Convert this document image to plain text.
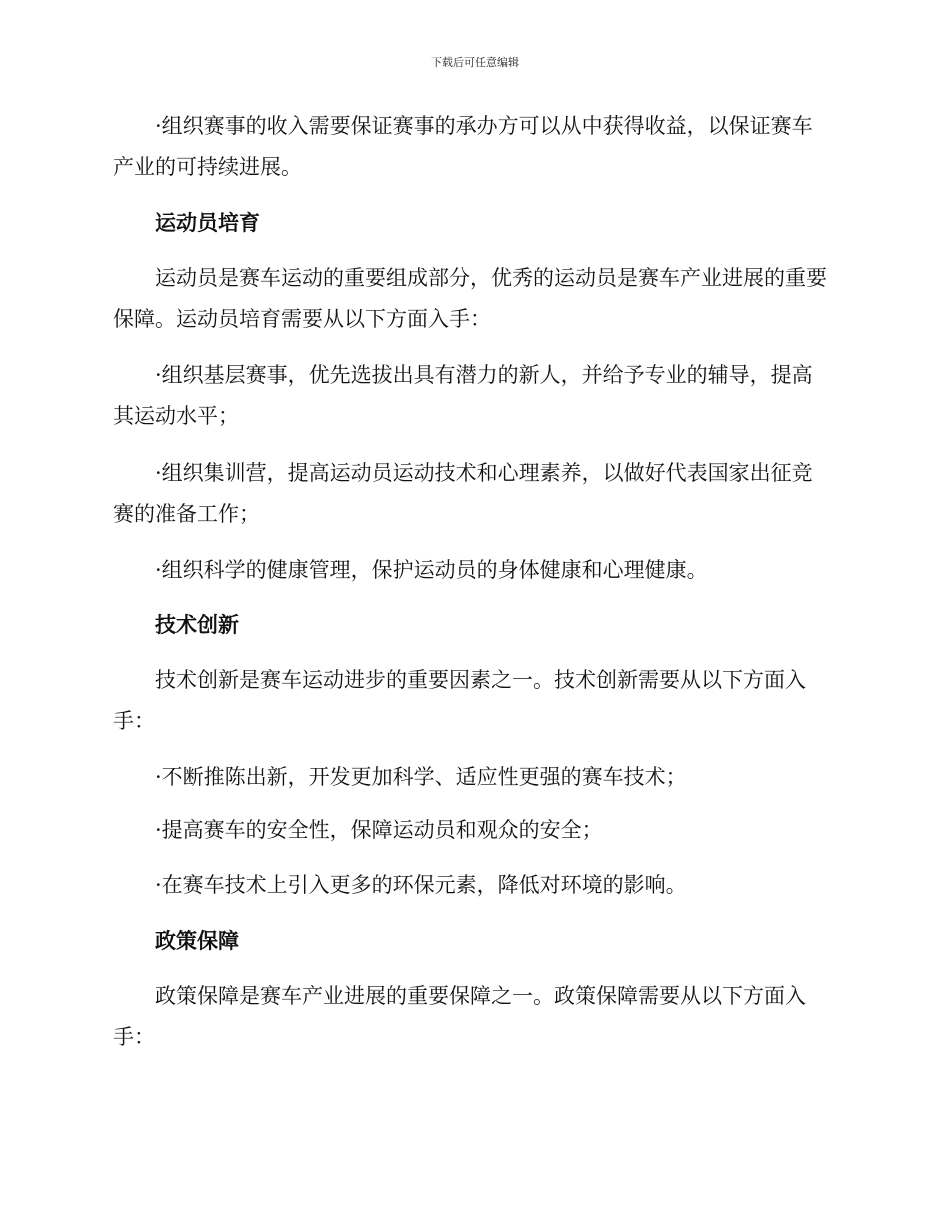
下载后可任意编辑

·组织赛事的收入需要保证赛事的承办方可以从中获得收益，以保证赛车产业的可持续进展。

运动员培育

运动员是赛车运动的重要组成部分，优秀的运动员是赛车产业进展的重要保障。运动员培育需要从以下方面入手：

·组织基层赛事，优先选拔出具有潜力的新人，并给予专业的辅导，提高其运动水平；

·组织集训营，提高运动员运动技术和心理素养，以做好代表国家出征竞赛的准备工作；

·组织科学的健康管理，保护运动员的身体健康和心理健康。

技术创新

技术创新是赛车运动进步的重要因素之一。技术创新需要从以下方面入手：

·不断推陈出新，开发更加科学、适应性更强的赛车技术；

·提高赛车的安全性，保障运动员和观众的安全；

·在赛车技术上引入更多的环保元素，降低对环境的影响。

政策保障

政策保障是赛车产业进展的重要保障之一。政策保障需要从以下方面入手：
